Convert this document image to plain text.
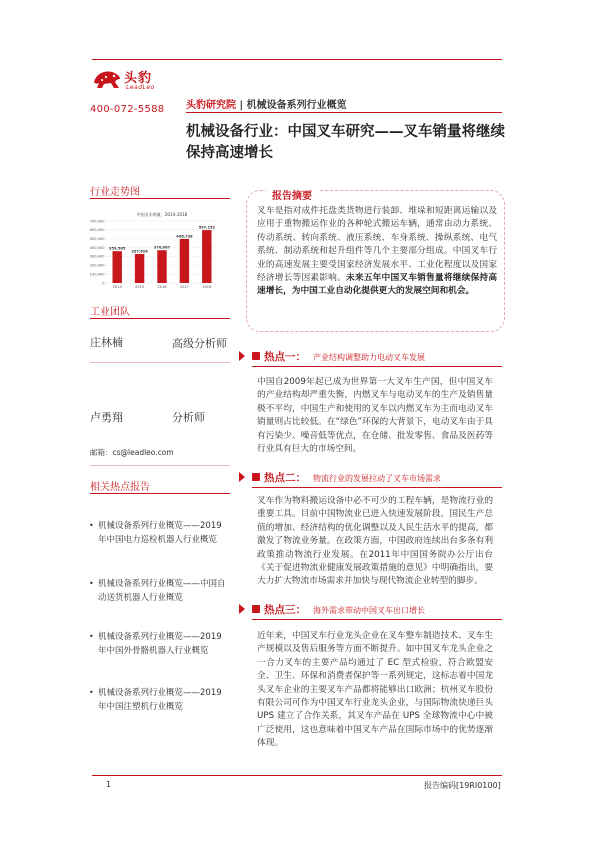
头豹
LeadLeo
400-072-5588 头豹研究院 | 机械设备系列行业概览
机械设备行业：中国叉车研究——叉车销量将继续保持高速增长
行业走势图
中国叉车销量，2014–2018
700,000
600,000
500,000
400,000
300,000
200,000
100,000
0
359,585
327,626
370,067
496,738
597,152
2014	2015	2016	2017	2018
工业团队
庄林楠	高级分析师
卢勇翔	分析师
邮箱：cs@leadleo.com
相关热点报告
• 机械设备系列行业概览——2019 年中国电力巡检机器人行业概览
• 机械设备系列行业概览——中国自动送货机器人行业概览
• 机械设备系列行业概览——2019 年中国外骨骼机器人行业概览
• 机械设备系列行业概览——2019 年中国注塑机行业概览
报告摘要
叉车是指对成件托盘类货物进行装卸、堆垛和短距离运输以及应用于重物搬运作业的各种轮式搬运车辆，通常由动力系统、传动系统、转向系统、液压系统、车身系统、操纵系统、电气系统、制动系统和起升组件等几个主要部分组成。中国叉车行业的高速发展主要受国家经济发展水平、工业化程度以及国家经济增长等因素影响。未来五年中国叉车销售量将继续保持高速增长，为中国工业自动化提供更大的发展空间和机会。
热点一： 产业结构调整助力电动叉车发展
中国自2009年起已成为世界第一大叉车生产国，但中国叉车的产业结构却严重失衡，内燃叉车与电动叉车的生产及销售量极不平均，中国生产和使用的叉车以内燃叉车为主而电动叉车销量则占比较低。在“绿色”环保的大背景下，电动叉车由于具有污染少、噪音低等优点，在仓储、批发零售、食品及医药等行业具有巨大的市场空间。
热点二： 物流行业的发展拉动了叉车市场需求
叉车作为物料搬运设备中必不可少的工程车辆，是物流行业的重要工具。目前中国物流业已进入快速发展阶段，国民生产总值的增加、经济结构的优化调整以及人民生活水平的提高，都激发了物流业务量。在政策方面，中国政府连续出台多条有利政策推动物流行业发展。在2011年中国国务院办公厅出台《关于促进物流业健康发展政策措施的意见》中明确指出，要大力扩大物流市场需求并加快与现代物流企业转型的脚步。
热点三： 海外需求带动中国叉车出口增长
近年来，中国叉车行业龙头企业在叉车整车制造技术、叉车生产规模以及售后服务等方面不断提升。如中国叉车龙头企业之一合力叉车的主要产品均通过了 EC 型式检验，符合欧盟安全、卫生、环保和消费者保护等一系列规定，这标志着中国龙头叉车企业的主要叉车产品都将能够出口欧洲；杭州叉车股份有限公司可作为中国叉车行业龙头企业，与国际物流快递巨头 UPS 建立了合作关系，其叉车产品在 UPS 全球物流中心中被广泛使用，这也意味着中国叉车产品在国际市场中的优势逐渐体现。
1	报告编码[19RI0100]
